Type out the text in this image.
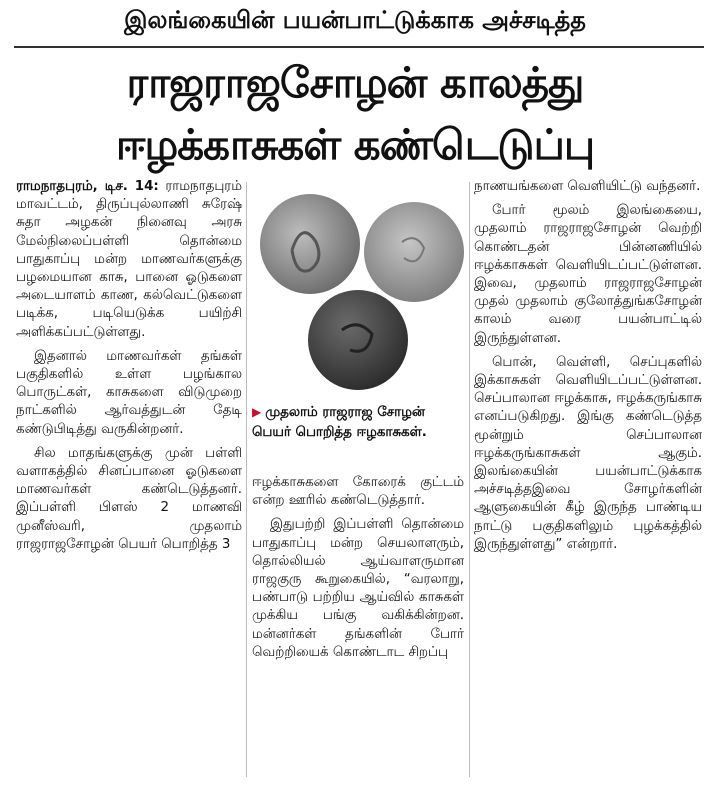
இலங்கையின் பயன்பாட்டுக்காக அச்சடித்த
ராஜராஜசோழன் காலத்து
ஈழக்காசுகள் கண்டெடுப்பு

ராமநாதபுரம், டிச. 14: ராமநாதபுரம் மாவட்டம், திருப்புல்லாணி சுரேஷ் சுதா அழகன் நினைவு அரசு மேல்நிலைப்பள்ளி தொன்மை பாதுகாப்பு மன்ற மாணவர்களுக்கு பழமையான காசு, பானை ஓடுகளை அடையாளம் காண, கல்வெட்டுகளை படிக்க, படியெடுக்க பயிற்சி அளிக்கப்பட்டுள்ளது.

இதனால் மாணவர்கள் தங்கள் பகுதிகளில் உள்ள பழங்கால பொருட்கள், காசுகளை விடுமுறை நாட்களில் ஆர்வத்துடன் தேடி கண்டுபிடித்து வருகின்றனர்.

சில மாதங்களுக்கு முன் பள்ளி வளாகத்தில் சினப்பானை ஓடுகளை மாணவர்கள் கண்டெடுத்தனர். இப்பள்ளி பிளஸ் 2 மாணவி முனீஸ்வரி, முதலாம் ராஜராஜசோழன் பெயர் பொறித்த 3

▶ முதலாம் ராஜராஜ சோழன் பெயர் பொறித்த ஈழகாசுகள்.

ஈழக்காசுகளை கோரைக் குட்டம் என்ற ஊரில் கண்டெடுத்தார்.

இதுபற்றி இப்பள்ளி தொன்மை பாதுகாப்பு மன்ற செயலாளரும், தொல்லியல் ஆய்வாளருமான ராஜகுரு கூறுகையில், “வரலாறு, பண்பாடு பற்றிய ஆய்வில் காசுகள் முக்கிய பங்கு வகிக்கின்றன. மன்னர்கள் தங்களின் போர் வெற்றியைக் கொண்டாட சிறப்பு

நாணயங்களை வெளியிட்டு வந்தனர்.

போர் மூலம் இலங்கையை, முதலாம் ராஜராஜசோழன் வெற்றி கொண்டதன் பின்னணியில் ஈழக்காசுகள் வெளியிடப்பட்டுள்ளன. இவை, முதலாம் ராஜராஜசோழன் முதல் முதலாம் குலோத்துங்கசோழன் காலம் வரை பயன்பாட்டில் இருந்துள்ளன.

பொன், வெள்ளி, செப்புகளில் இக்காசுகள் வெளியிடப்பட்டுள்ளன. செப்பாலான ஈழக்காசு, ஈழக்கருங்காசு எனப்படுகிறது. இங்கு கண்டெடுத்த மூன்றும் செப்பாலான ஈழக்கருங்காசுகள் ஆகும். இலங்கையின் பயன்பாட்டுக்காக அச்சடித்தஇவை சோழர்களின் ஆளுகையின் கீழ் இருந்த பாண்டிய நாட்டு பகுதிகளிலும் புழக்கத்தில் இருந்துள்ளது” என்றார்.
